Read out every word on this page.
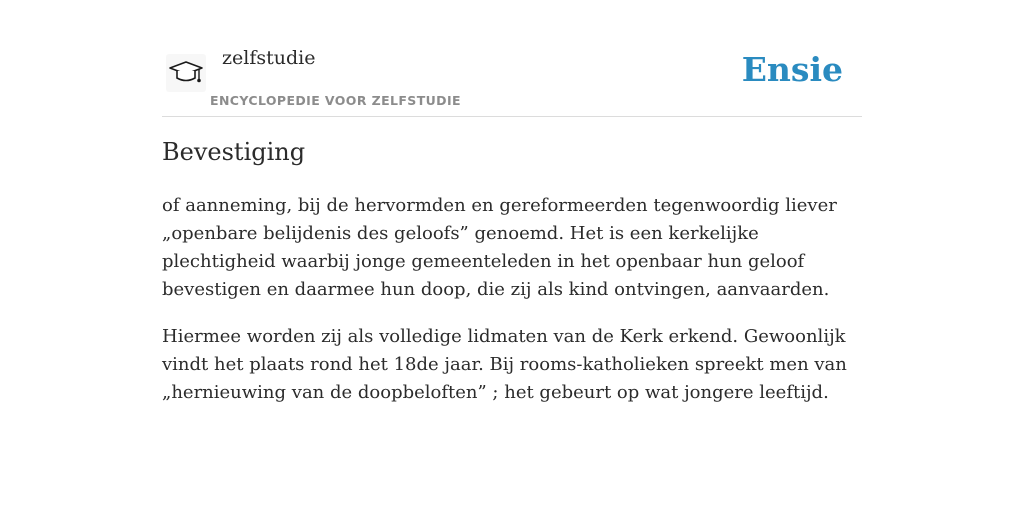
zelfstudie
ENCYCLOPEDIE VOOR ZELFSTUDIE
Ensie
Bevestiging

of aanneming, bij de hervormden en gereformeerden tegenwoordig liever „openbare belijdenis des geloofs” genoemd. Het is een kerkelijke plechtigheid waarbij jonge gemeenteleden in het openbaar hun geloof bevestigen en daarmee hun doop, die zij als kind ontvingen, aanvaarden.

Hiermee worden zij als volledige lidmaten van de Kerk erkend. Gewoonlijk vindt het plaats rond het 18de jaar. Bij rooms-katholieken spreekt men van „hernieuwing van de doopbeloften” ; het gebeurt op wat jongere leeftijd.
